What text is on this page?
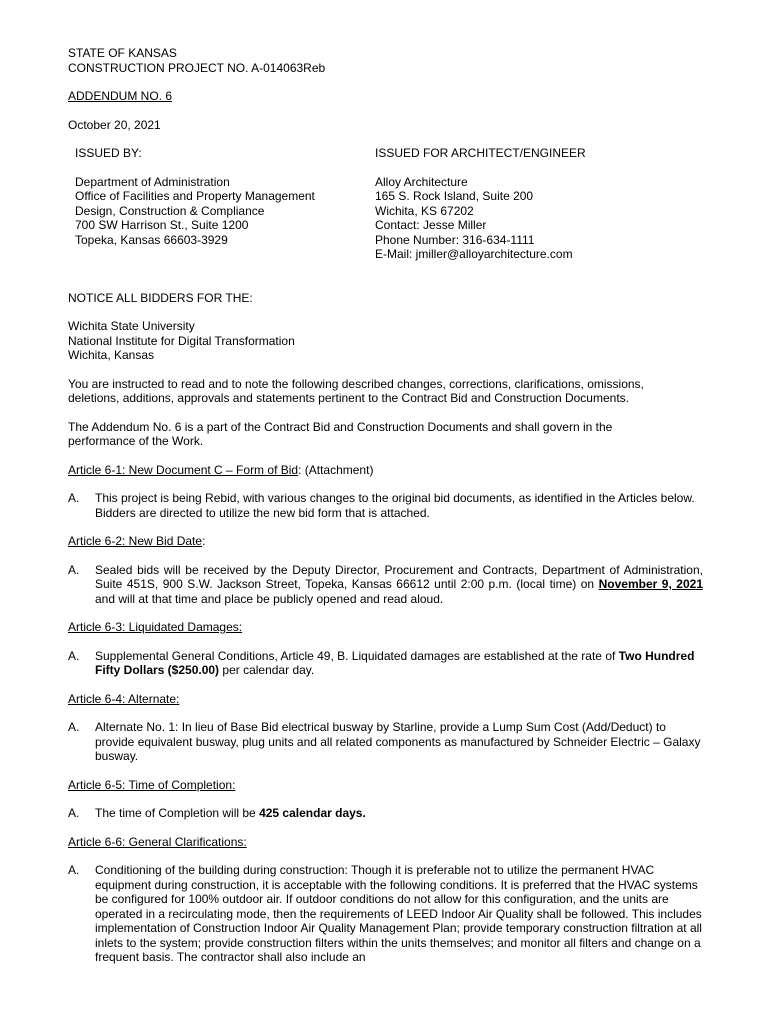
STATE OF KANSAS
CONSTRUCTION PROJECT NO. A-014063Reb
ADDENDUM NO. 6
October 20, 2021
ISSUED BY:
Department of Administration
Office of Facilities and Property Management
Design, Construction & Compliance
700 SW Harrison St., Suite 1200
Topeka, Kansas 66603-3929
ISSUED FOR ARCHITECT/ENGINEER
Alloy Architecture
165 S. Rock Island, Suite 200
Wichita, KS 67202
Contact: Jesse Miller
Phone Number: 316-634-1111
E-Mail: jmiller@alloyarchitecture.com
NOTICE ALL BIDDERS FOR THE:
Wichita State University
National Institute for Digital Transformation
Wichita, Kansas
You are instructed to read and to note the following described changes, corrections, clarifications, omissions, deletions, additions, approvals and statements pertinent to the Contract Bid and Construction Documents.
The Addendum No. 6 is a part of the Contract Bid and Construction Documents and shall govern in the performance of the Work.
Article 6-1: New Document C – Form of Bid: (Attachment)
A.	This project is being Rebid, with various changes to the original bid documents, as identified in the Articles below. Bidders are directed to utilize the new bid form that is attached.
Article 6-2: New Bid Date:
A.	Sealed bids will be received by the Deputy Director, Procurement and Contracts, Department of Administration, Suite 451S, 900 S.W. Jackson Street, Topeka, Kansas 66612 until 2:00 p.m. (local time) on November 9, 2021 and will at that time and place be publicly opened and read aloud.
Article 6-3: Liquidated Damages:
A.	Supplemental General Conditions, Article 49, B. Liquidated damages are established at the rate of Two Hundred Fifty Dollars ($250.00) per calendar day.
Article 6-4: Alternate:
A.	Alternate No. 1: In lieu of Base Bid electrical busway by Starline, provide a Lump Sum Cost (Add/Deduct) to provide equivalent busway, plug units and all related components as manufactured by Schneider Electric – Galaxy busway.
Article 6-5: Time of Completion:
A.	The time of Completion will be 425 calendar days.
Article 6-6: General Clarifications:
A.	Conditioning of the building during construction: Though it is preferable not to utilize the permanent HVAC equipment during construction, it is acceptable with the following conditions. It is preferred that the HVAC systems be configured for 100% outdoor air. If outdoor conditions do not allow for this configuration, and the units are operated in a recirculating mode, then the requirements of LEED Indoor Air Quality shall be followed. This includes implementation of Construction Indoor Air Quality Management Plan; provide temporary construction filtration at all inlets to the system; provide construction filters within the units themselves; and monitor all filters and change on a frequent basis. The contractor shall also include an
